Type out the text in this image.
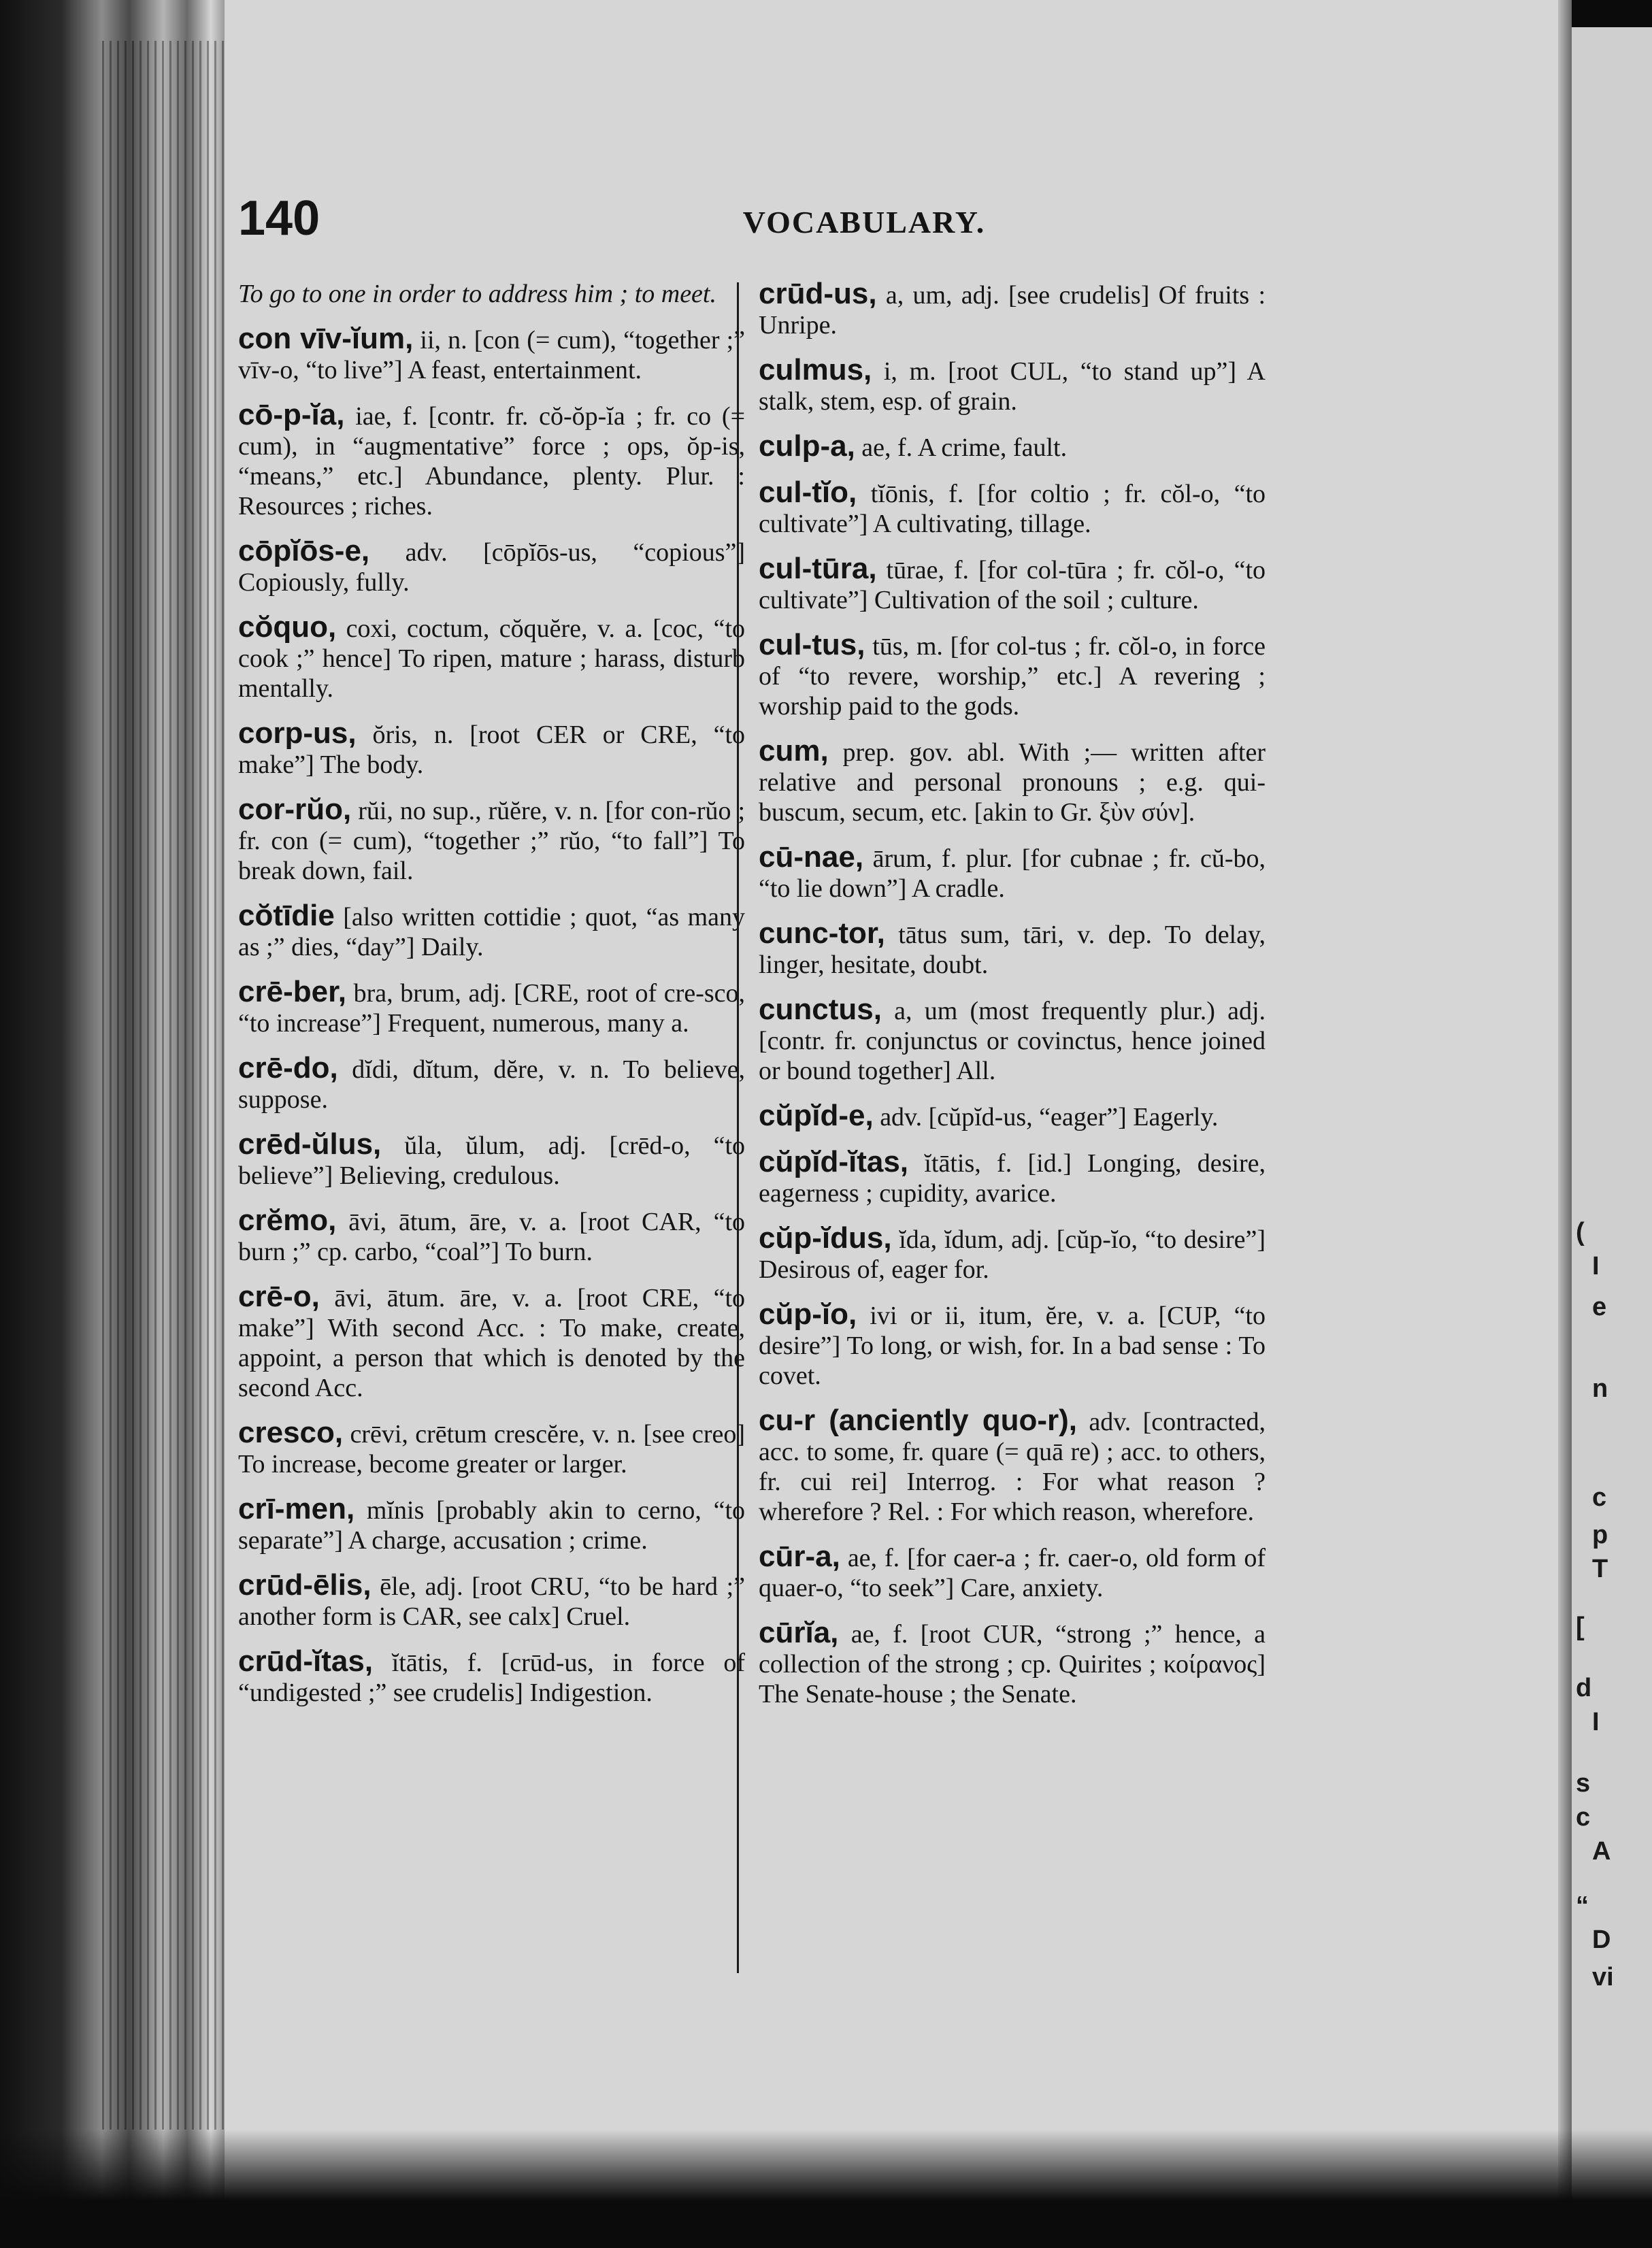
(
I
e
n
c
p
T
[
d
I
s
c
A
“
D
vi
140	VOCABULARY.

To go to one in order to address him ; to meet.

con vīv-ĭum, ii, n. [con (= cum), “together ;” vīv-o, “to live”] A feast, entertainment.

cō-p-ĭa, iae, f. [contr. fr. cŏ-ŏp-ĭa ; fr. co (= cum), in “augmentative” force ; ops, ŏp-is, “means,” etc.] Abundance, plenty. Plur. : Resources ; riches.

cōpĭōs-e, adv. [cōpĭōs-us, “copious”] Copiously, fully.

cŏquo, coxi, coctum, cŏquĕre, v. a. [coc, “to cook ;” hence] To ripen, mature ; harass, disturb mentally.

corp-us, ŏris, n. [root CER or CRE, “to make”] The body.

cor-rŭo, rŭi, no sup., rŭĕre, v. n. [for con-rŭo ; fr. con (= cum), “together ;” rŭo, “to fall”] To break down, fail.

cŏtīdie [also written cottidie ; quot, “as many as ;” dies, “day”] Daily.

crē-ber, bra, brum, adj. [CRE, root of cre-sco, “to increase”] Frequent, numerous, many a.

crē-do, dĭdi, dĭtum, dĕre, v. n. To believe, suppose.

crēd-ŭlus, ŭla, ŭlum, adj. [crēd-o, “to believe”] Believing, credulous.

crĕmo, āvi, ātum, āre, v. a. [root CAR, “to burn ;” cp. carbo, “coal”] To burn.

crē-o, āvi, ātum. āre, v. a. [root CRE, “to make”] With second Acc. : To make, create, appoint, a person that which is denoted by the second Acc.

cresco, crēvi, crētum crescĕre, v. n. [see creo] To increase, become greater or larger.

crī-men, mĭnis [probably akin to cerno, “to separate”] A charge, accusation ; crime.

crūd-ēlis, ēle, adj. [root CRU, “to be hard ;” another form is CAR, see calx] Cruel.

crūd-ĭtas, ĭtātis, f. [crūd-us, in force of “undigested ;” see crudelis] Indigestion.

crūd-us, a, um, adj. [see crudelis] Of fruits : Unripe.

culmus, i, m. [root CUL, “to stand up”] A stalk, stem, esp. of grain.

culp-a, ae, f. A crime, fault.

cul-tĭo, tĭōnis, f. [for coltio ; fr. cŏl-o, “to cultivate”] A cultivating, tillage.

cul-tūra, tūrae, f. [for col-tūra ; fr. cŏl-o, “to cultivate”] Cultivation of the soil ; culture.

cul-tus, tūs, m. [for col-tus ; fr. cŏl-o, in force of “to revere, worship,” etc.] A revering ; worship paid to the gods.

cum, prep. gov. abl. With ;— written after relative and personal pronouns ; e.g. qui-buscum, secum, etc. [akin to Gr. ξὺν σύν].

cū-nae, ārum, f. plur. [for cubnae ; fr. cŭ-bo, “to lie down”] A cradle.

cunc-tor, tātus sum, tāri, v. dep. To delay, linger, hesitate, doubt.

cunctus, a, um (most frequently plur.) adj. [contr. fr. conjunctus or covinctus, hence joined or bound together] All.

cŭpĭd-e, adv. [cŭpĭd-us, “eager”] Eagerly.

cŭpĭd-ĭtas, ĭtātis, f. [id.] Longing, desire, eagerness ; cupidity, avarice.

cŭp-ĭdus, ĭda, ĭdum, adj. [cŭp-ĭo, “to desire”] Desirous of, eager for.

cŭp-ĭo, ivi or ii, itum, ĕre, v. a. [CUP, “to desire”] To long, or wish, for. In a bad sense : To covet.

cu-r (anciently quo-r), adv. [contracted, acc. to some, fr. quare (= quā re) ; acc. to others, fr. cui rei] Interrog. : For what reason ? wherefore ? Rel. : For which reason, wherefore.

cūr-a, ae, f. [for caer-a ; fr. caer-o, old form of quaer-o, “to seek”] Care, anxiety.

cūrĭa, ae, f. [root CUR, “strong ;” hence, a collection of the strong ; cp. Quirites ; κοίρανος] The Senate-house ; the Senate.
